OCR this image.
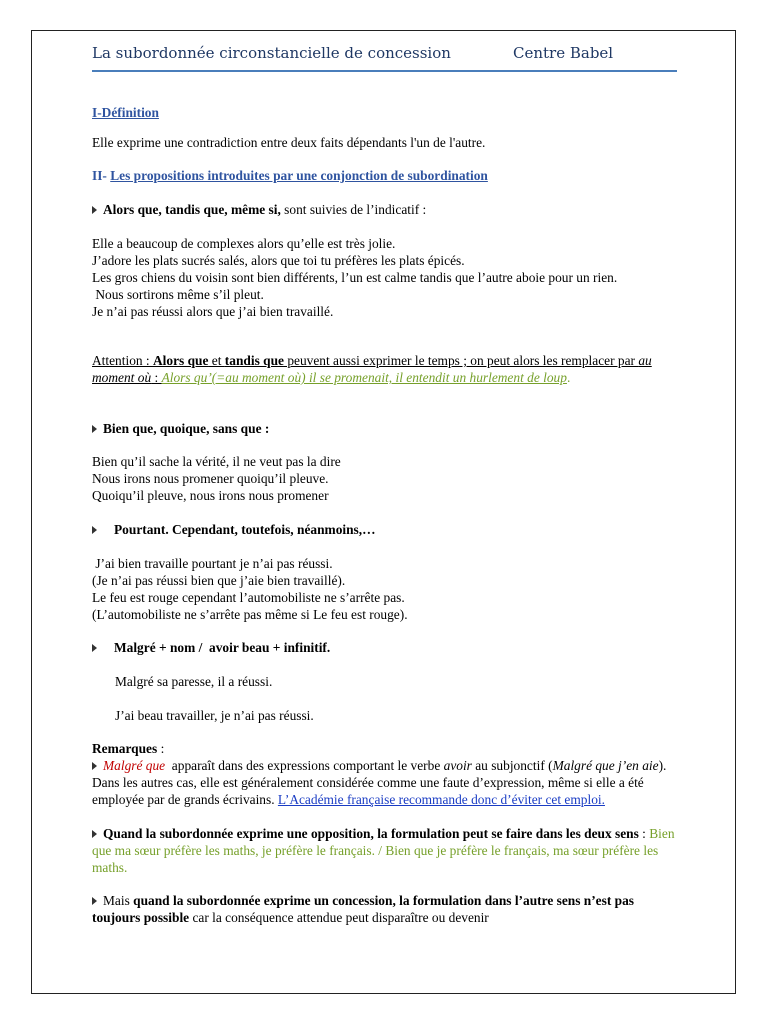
La subordonnée circonstancielle de concession	Centre Babel
I-Définition
Elle exprime une contradiction entre deux faits dépendants l'un de l'autre.
II- Les propositions introduites par une conjonction de subordination
Alors que, tandis que, même si, sont suivies de l’indicatif :
Elle a beaucoup de complexes alors qu’elle est très jolie.
J’adore les plats sucrés salés, alors que toi tu préfères les plats épicés.
Les gros chiens du voisin sont bien différents, l’un est calme tandis que l’autre aboie pour un rien.
Nous sortirons même s’il pleut.
Je n’ai pas réussi alors que j’ai bien travaillé.
Attention : Alors que et tandis que peuvent aussi exprimer le temps ; on peut alors les remplacer par au moment où : Alors qu’(=au moment où) il se promenait, il entendit un hurlement de loup.
Bien que, quoique, sans que :
Bien qu’il sache la vérité, il ne veut pas la dire
Nous irons nous promener quoiqu’il pleuve.
Quoiqu’il pleuve, nous irons nous promener
Pourtant. Cependant, toutefois, néanmoins,…
J’ai bien travaille pourtant je n’ai pas réussi.
(Je n’ai pas réussi bien que j’aie bien travaillé).
Le feu est rouge cependant l’automobiliste ne s’arrête pas.
(L’automobiliste ne s’arrête pas même si Le feu est rouge).
Malgré + nom /  avoir beau + infinitif.
Malgré sa paresse, il a réussi.
J’ai beau travailler, je n’ai pas réussi.
Remarques :
Malgré que  apparaît dans des expressions comportant le verbe avoir au subjonctif (Malgré que j’en aie). Dans les autres cas, elle est généralement considérée comme une faute d’expression, même si elle a été employée par de grands écrivains. L’Académie française recommande donc d’éviter cet emploi.
Quand la subordonnée exprime une opposition, la formulation peut se faire dans les deux sens : Bien que ma sœur préfère les maths, je préfère le français. / Bien que je préfère le français, ma sœur préfère les maths.
Mais quand la subordonnée exprime un concession, la formulation dans l’autre sens n’est pas toujours possible car la conséquence attendue peut disparaître ou devenir
